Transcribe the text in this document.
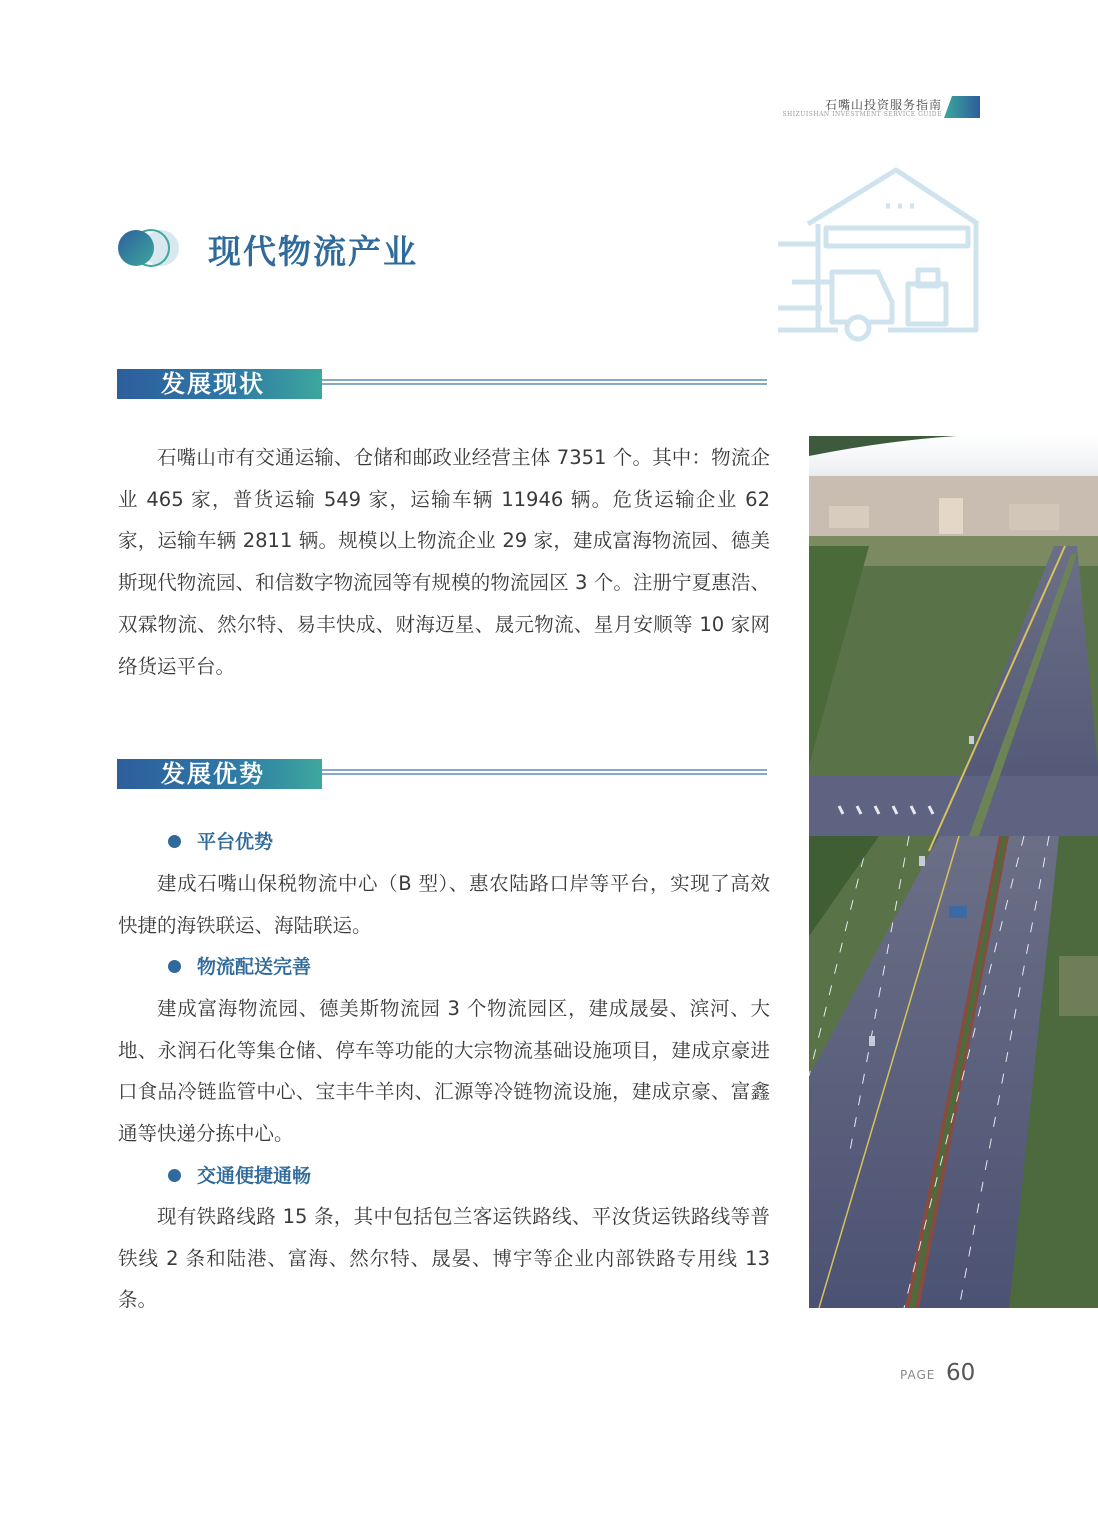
石嘴山投资服务指南
SHIZUISHAN INVESTMENT SERVICE GUIDE
现代物流产业
发展现状

石嘴山市有交通运输、仓储和邮政业经营主体 7351 个。其中：物流企业 465 家，普货运输 549 家，运输车辆 11946 辆。危货运输企业 62 家，运输车辆 2811 辆。规模以上物流企业 29 家，建成富海物流园、德美斯现代物流园、和信数字物流园等有规模的物流园区 3 个。注册宁夏惠浩、双霖物流、然尔特、易丰快成、财海迈星、晟元物流、星月安顺等 10 家网络货运平台。

发展优势
平台优势

建成石嘴山保税物流中心（B 型）、惠农陆路口岸等平台，实现了高效快捷的海铁联运、海陆联运。

物流配送完善

建成富海物流园、德美斯物流园 3 个物流园区，建成晟晏、滨河、大地、永润石化等集仓储、停车等功能的大宗物流基础设施项目，建成京豪进口食品冷链监管中心、宝丰牛羊肉、汇源等冷链物流设施，建成京豪、富鑫通等快递分拣中心。

交通便捷通畅

现有铁路线路 15 条，其中包括包兰客运铁路线、平汝货运铁路线等普铁线 2 条和陆港、富海、然尔特、晟晏、博宇等企业内部铁路专用线 13 条。

PAGE 60
